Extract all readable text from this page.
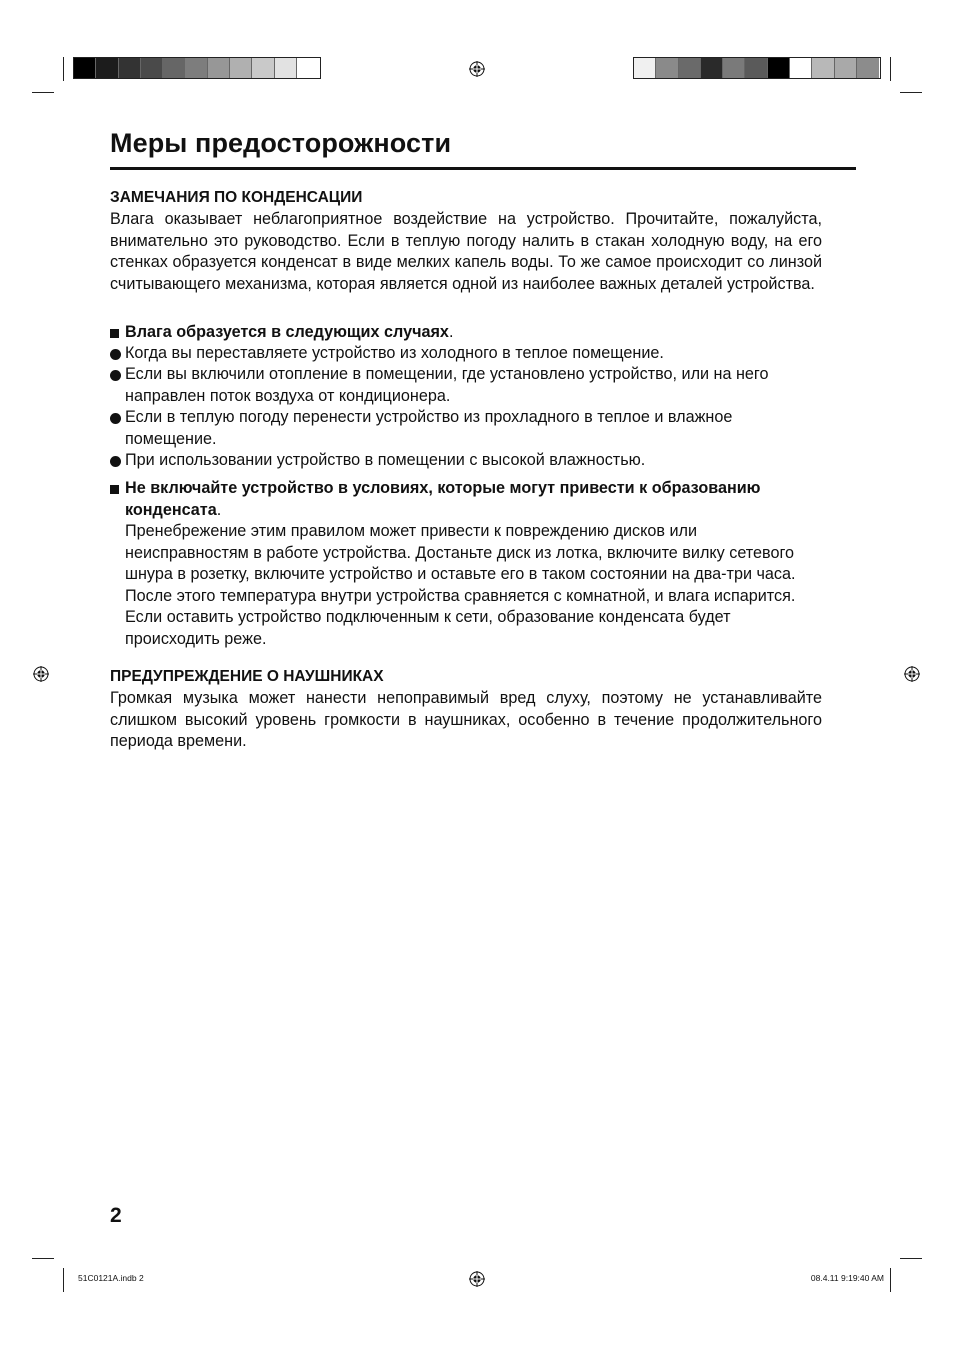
Меры предосторожности
ЗАМЕЧАНИЯ ПО КОНДЕНСАЦИИ
Влага оказывает неблагоприятное воздействие на устройство. Прочитайте, пожалуйста, внимательно это руководство. Если в теплую погоду налить в стакан холодную воду, на его стенках образуется конденсат в виде мелких капель воды. То же самое происходит со линзой считывающего механизма, которая является одной из наиболее важных деталей устройства.
Влага образуется в следующих случаях.
Когда вы переставляете устройство из холодного в теплое помещение.
Если вы включили отопление в помещении, где установлено устройство, или на него направлен поток воздуха от кондиционера.
Если в теплую погоду перенести устройство из прохладного в теплое и влажное помещение.
При использовании устройство в помещении с высокой влажностью.
Не включайте устройство в условиях, которые могут привести к образованию конденсата.
Пренебрежение этим правилом может привести к повреждению дисков или неисправностям в работе устройства. Достаньте диск из лотка, включите вилку сетевого шнура в розетку, включите устройство и оставьте его в таком состоянии на два-три часа. После этого температура внутри устройства сравняется с комнатной, и влага испарится. Если оставить устройство подключенным к сети, образование конденсата будет происходить реже.
ПРЕДУПРЕЖДЕНИЕ О НАУШНИКАХ
Громкая музыка может нанести непоправимый вред слуху, поэтому не устанавливайте слишком высокий уровень громкости в наушниках, особенно в течение продолжительного периода времени.
2
51C0121A.indb 2	08.4.11 9:19:40 AM
